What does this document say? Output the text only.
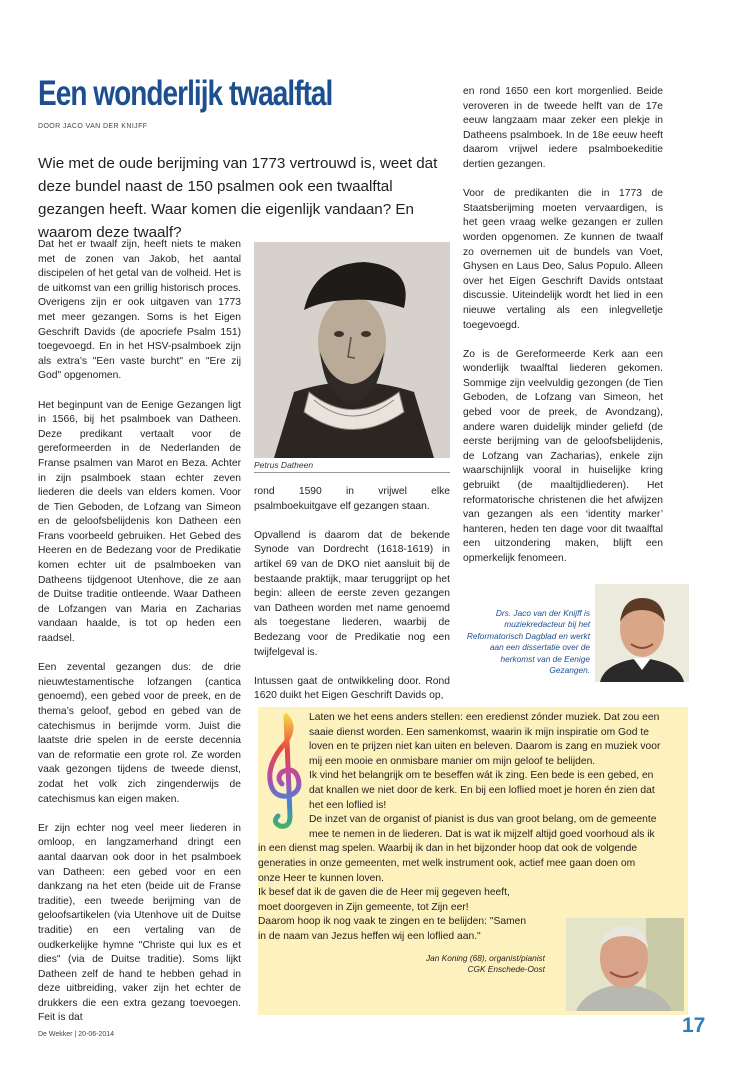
Een wonderlijk twaalftal
DOOR JACO VAN DER KNIJFF
Wie met de oude berijming van 1773 vertrouwd is, weet dat deze bundel naast de 150 psalmen ook een twaalftal gezangen heeft. Waar komen die eigenlijk vandaan? En waarom deze twaalf?

Dat het er twaalf zijn, heeft niets te maken met de zonen van Jakob, het aantal discipelen of het getal van de volheid. Het is de uitkomst van een grillig historisch proces. Overigens zijn er ook uitgaven van 1773 met meer gezangen. Soms is het Eigen Geschrift Davids (de apocriefe Psalm 151) toegevoegd. En in het HSV-psalmboek zijn als extra’s "Een vaste burcht" en "Ere zij God" opgenomen.

Het beginpunt van de Eenige Gezangen ligt in 1566, bij het psalmboek van Datheen. Deze predikant vertaalt voor de gereformeerden in de Nederlanden de Franse psalmen van Marot en Beza. Achter in zijn psalmboek staan echter zeven liederen die deels van elders komen. Voor de Tien Geboden, de Lofzang van Simeon en de geloofsbelijdenis kon Datheen een Frans voorbeeld gebruiken. Het Gebed des Heeren en de Bedezang voor de Predikatie komen echter uit de psalmboeken van Datheens tijdgenoot Utenhove, die ze aan de Duitse traditie ontleende. Waar Datheen de Lofzangen van Maria en Zacharias vandaan haalde, is tot op heden een raadsel.

Een zevental gezangen dus: de drie nieuwtestamentische lofzangen (cantica genoemd), een gebed voor de preek, en de thema’s geloof, gebod en gebed van de catechismus in berijmde vorm. Juist die laatste drie spelen in de eerste decennia van de reformatie een grote rol. Ze worden vaak gezongen tijdens de tweede dienst, zodat het volk zich zingenderwijs de catechismus kan eigen maken.

Er zijn echter nog veel meer liederen in omloop, en langzamerhand dringt een aantal daarvan ook door in het psalmboek van Datheen: een gebed voor en een dankzang na het eten (beide uit de Franse traditie), een tweede berijming van de geloofsartikelen (via Utenhove uit de Duitse traditie) en een vertaling van de oudkerkelijke hymne "Christe qui lux es et dies" (via de Duitse traditie). Soms lijkt Datheen zelf de hand te hebben gehad in deze uitbreiding, vaker zijn het echter de drukkers die een extra gezang toevoegen. Feit is dat

Petrus Datheen

rond 1590 in vrijwel elke psalmboekuitgave elf gezangen staan.

Opvallend is daarom dat de bekende Synode van Dordrecht (1618-1619) in artikel 69 van de DKO niet aansluit bij de bestaande praktijk, maar teruggrijpt op het begin: alleen de eerste zeven gezangen van Datheen worden met name genoemd als toegestane liederen, waarbij de Bedezang voor de Predikatie nog een twijfelgeval is.

Intussen gaat de ontwikkeling door. Rond 1620 duikt het Eigen Geschrift Davids op,

en rond 1650 een kort morgenlied. Beide veroveren in de tweede helft van de 17e eeuw langzaam maar zeker een plekje in Datheens psalmboek. In de 18e eeuw heeft daarom vrijwel iedere psalmboekeditie dertien gezangen.

Voor de predikanten die in 1773 de Staatsberijming moeten vervaardigen, is het geen vraag welke gezangen er zullen worden opgenomen. Ze kunnen de twaalf zo overnemen uit de bundels van Voet, Ghysen en Laus Deo, Salus Populo. Alleen over het Eigen Geschrift Davids ontstaat discussie. Uiteindelijk wordt het lied in een nieuwe vertaling als een inlegvelletje toegevoegd.

Zo is de Gereformeerde Kerk aan een wonderlijk twaalftal liederen gekomen. Sommige zijn veelvuldig gezongen (de Tien Geboden, de Lofzang van Simeon, het gebed voor de preek, de Avondzang), andere waren duidelijk minder geliefd (de eerste berijming van de geloofsbelijdenis, de Lofzang van Zacharias), enkele zijn waarschijnlijk vooral in huiselijke kring gebruikt (de maaltijdliederen). Het reformatorische christenen die het afwijzen van gezangen als een ‘identity marker’ hanteren, heden ten dage voor dit twaalftal een uitzondering maken, blijft een opmerkelijk fenomeen.

Drs. Jaco van der Knijff is muziekredacteur bij het Reformatorisch Dagblad en werkt aan een dissertatie over de herkomst van de Eenige Gezangen.
Laten we het eens anders stellen: een eredienst zónder muziek. Dat zou een
saaie dienst worden. Een samenkomst, waarin ik mijn inspiratie om God te
loven en te prijzen niet kan uiten en beleven. Daarom is zang en muziek voor
mij een mooie en onmisbare manier om mijn geloof te belijden.
Ik vind het belangrijk om te beseffen wát ik zing. Een bede is een gebed, en
dat knallen we niet door de kerk. En bij een loflied moet je horen én zien dat
het een loflied is!
De inzet van de organist of pianist is dus van groot belang, om de gemeente
mee te nemen in de liederen. Dat is wat ik mijzelf altijd goed voorhoud als ik
in een dienst mag spelen. Waarbij ik dan in het bijzonder hoop dat ook de volgende
generaties in onze gemeenten, met welk instrument ook, actief mee gaan doen om
onze Heer te kunnen loven.
Ik besef dat ik de gaven die de Heer mij gegeven heeft,
moet doorgeven in Zijn gemeente, tot Zijn eer!
Daarom hoop ik nog vaak te zingen en te belijden: "Samen
in de naam van Jezus heffen wij een loflied aan."
Jan Koning (68), organist/pianist
CGK Enschede-Oost
De Wekker | 20-06-2014	17
